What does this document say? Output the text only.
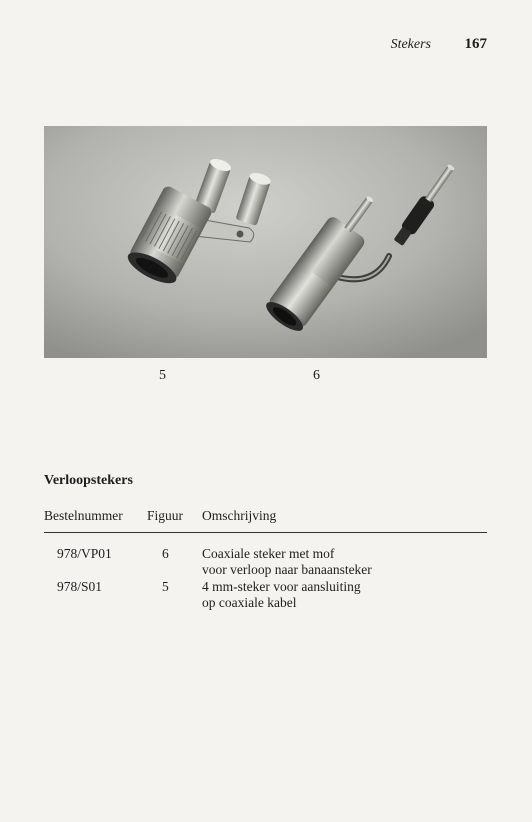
Stekers 167
5	6
Verloopstekers
Bestelnummer Figuur Omschrijving
978/VP01	6 Coaxiale steker met mof
voor verloop naar banaansteker
978/S01	5 4 mm-steker voor aansluiting
op coaxiale kabel
